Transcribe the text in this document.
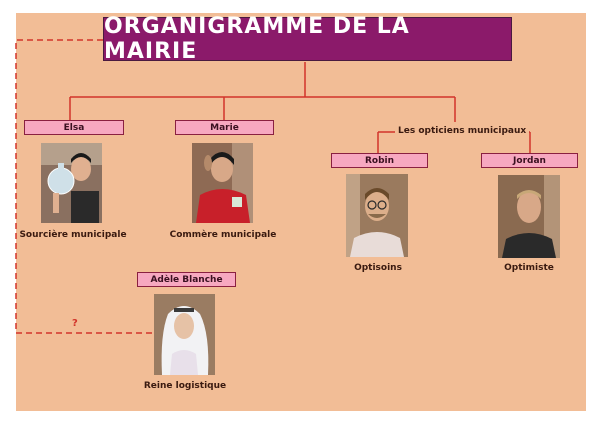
ORGANIGRAMME DE LA MAIRIE
Les opticiens municipaux
Elsa
Sourcière municipale
Marie
Commère municipale
Robin
Optisoins
Jordan
Optimiste
Adèle Blanche
Reine logistique
?
